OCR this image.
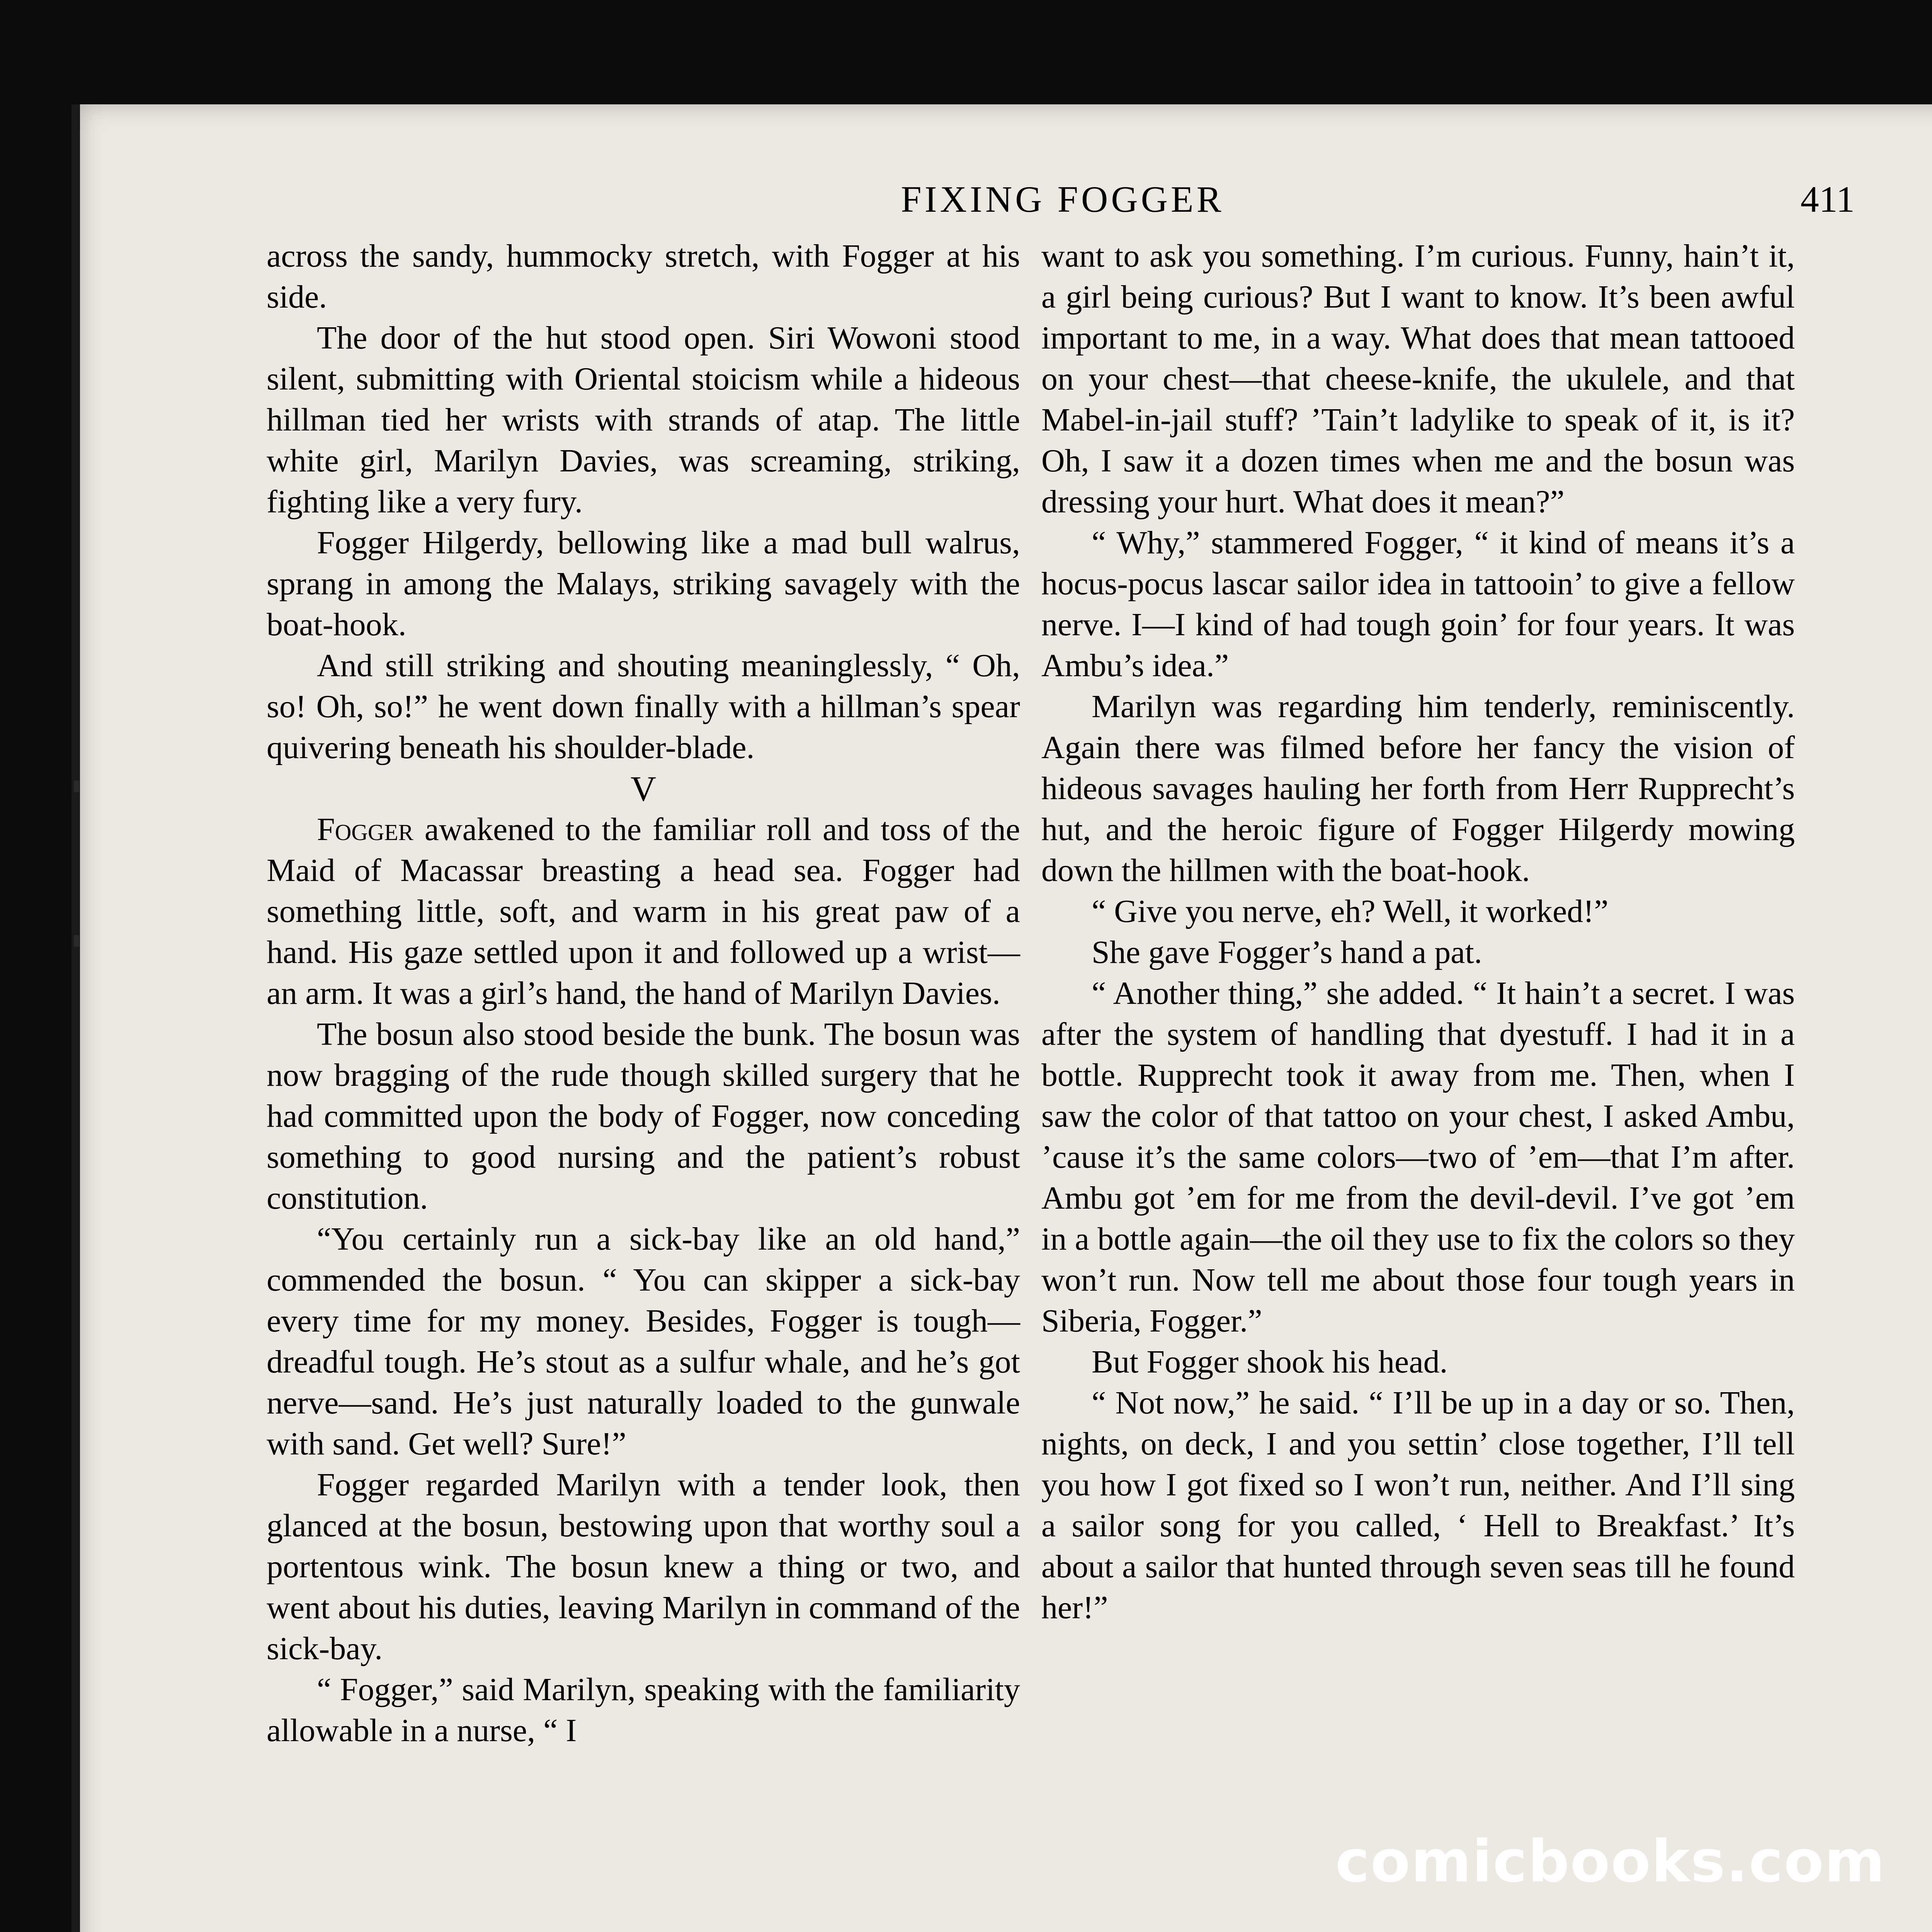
FIXING FOGGER	411

across the sandy, hummocky stretch, with Fogger at his side.

The door of the hut stood open. Siri Wowoni stood silent, submitting with Oriental stoicism while a hideous hillman tied her wrists with strands of atap. The little white girl, Marilyn Davies, was screaming, striking, fighting like a very fury.

Fogger Hilgerdy, bellowing like a mad bull walrus, sprang in among the Malays, striking savagely with the boat-hook.

And still striking and shouting meaninglessly, “ Oh, so! Oh, so!” he went down finally with a hillman’s spear quivering beneath his shoulder-blade.

V

Fogger awakened to the familiar roll and toss of the Maid of Macassar breasting a head sea. Fogger had something little, soft, and warm in his great paw of a hand. His gaze settled upon it and followed up a wrist—an arm. It was a girl’s hand, the hand of Marilyn Davies.

The bosun also stood beside the bunk. The bosun was now bragging of the rude though skilled surgery that he had committed upon the body of Fogger, now conceding something to good nursing and the patient’s robust constitution.

“You certainly run a sick-bay like an old hand,” commended the bosun. “ You can skipper a sick-bay every time for my money. Besides, Fogger is tough—dreadful tough. He’s stout as a sulfur whale, and he’s got nerve—sand. He’s just naturally loaded to the gunwale with sand. Get well? Sure!”

Fogger regarded Marilyn with a tender look, then glanced at the bosun, bestowing upon that worthy soul a portentous wink. The bosun knew a thing or two, and went about his duties, leaving Marilyn in command of the sick-bay.

“ Fogger,” said Marilyn, speaking with the familiarity allowable in a nurse, “ I

want to ask you something. I’m curious. Funny, hain’t it, a girl being curious? But I want to know. It’s been awful important to me, in a way. What does that mean tattooed on your chest—that cheese-knife, the ukulele, and that Mabel-in-jail stuff? ’Tain’t ladylike to speak of it, is it? Oh, I saw it a dozen times when me and the bosun was dressing your hurt. What does it mean?”

“ Why,” stammered Fogger, “ it kind of means it’s a hocus-pocus lascar sailor idea in tattooin’ to give a fellow nerve. I—I kind of had tough goin’ for four years. It was Ambu’s idea.”

Marilyn was regarding him tenderly, reminiscently. Again there was filmed before her fancy the vision of hideous savages hauling her forth from Herr Rupprecht’s hut, and the heroic figure of Fogger Hilgerdy mowing down the hillmen with the boat-hook.

“ Give you nerve, eh? Well, it worked!”

She gave Fogger’s hand a pat.

“ Another thing,” she added. “ It hain’t a secret. I was after the system of handling that dyestuff. I had it in a bottle. Rupprecht took it away from me. Then, when I saw the color of that tattoo on your chest, I asked Ambu, ’cause it’s the same colors—two of ’em—that I’m after. Ambu got ’em for me from the devil-devil. I’ve got ’em in a bottle again—the oil they use to fix the colors so they won’t run. Now tell me about those four tough years in Siberia, Fogger.”

But Fogger shook his head.

“ Not now,” he said. “ I’ll be up in a day or so. Then, nights, on deck, I and you settin’ close together, I’ll tell you how I got fixed so I won’t run, neither. And I’ll sing a sailor song for you called, ‘ Hell to Breakfast.’ It’s about a sailor that hunted through seven seas till he found her!”

comicbooks.com
